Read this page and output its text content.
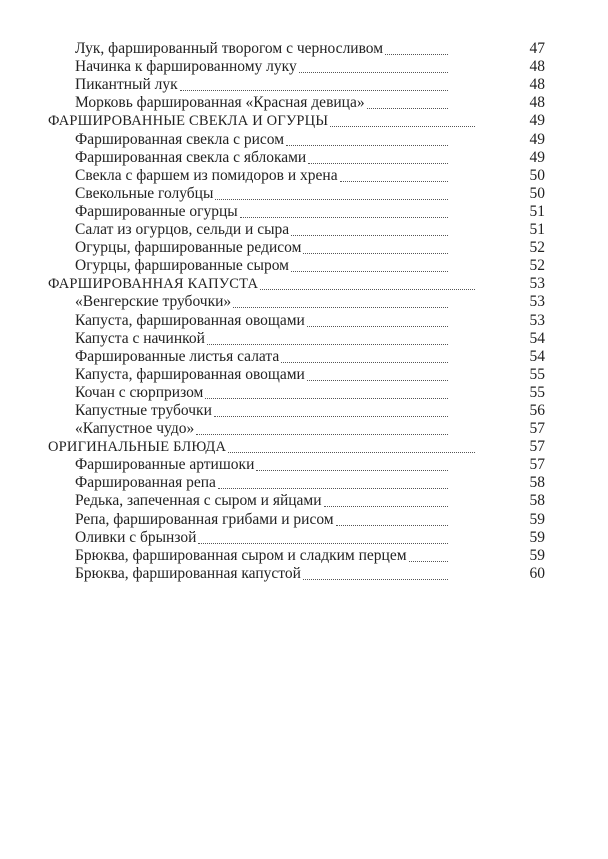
Лук, фаршированный творогом с черносливом	47
Начинка к фаршированному луку	48
Пикантный лук	48
Морковь фаршированная «Красная девица»	48
ФАРШИРОВАННЫЕ СВЕКЛА И ОГУРЦЫ	49
Фаршированная свекла с рисом	49
Фаршированная свекла с яблоками	49
Свекла с фаршем из помидоров и хрена	50
Свекольные голубцы	50
Фаршированные огурцы	51
Салат из огурцов, сельди и сыра	51
Огурцы, фаршированные редисом	52
Огурцы, фаршированные сыром	52
ФАРШИРОВАННАЯ КАПУСТА	53
«Венгерские трубочки»	53
Капуста, фаршированная овощами	53
Капуста с начинкой	54
Фаршированные листья салата	54
Капуста, фаршированная овощами	55
Кочан с сюрпризом	55
Капустные трубочки	56
«Капустное чудо»	57
ОРИГИНАЛЬНЫЕ БЛЮДА	57
Фаршированные артишоки	57
Фаршированная репа	58
Редька, запеченная с сыром и яйцами	58
Репа, фаршированная грибами и рисом	59
Оливки с брынзой	59
Брюква, фаршированная сыром и сладким перцем	59
Брюква, фаршированная капустой	60
